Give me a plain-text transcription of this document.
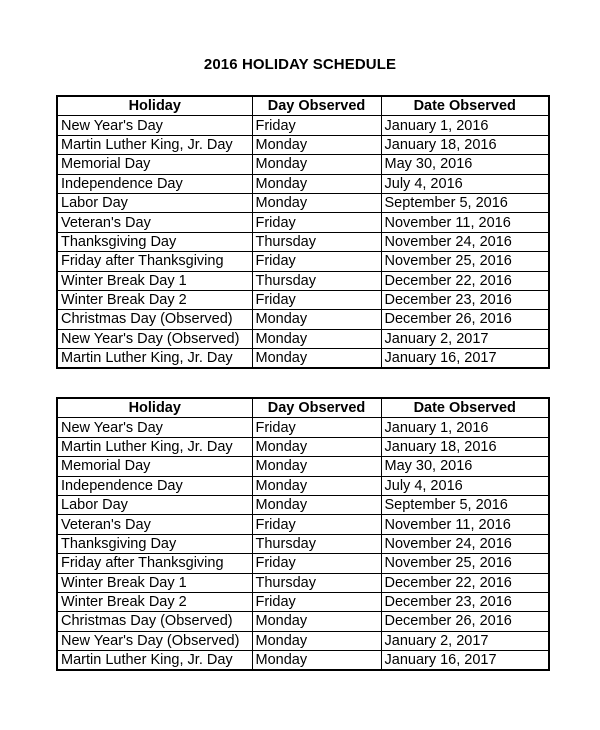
2016 HOLIDAY SCHEDULE
Holiday	Day Observed	Date Observed
New Year's Day	Friday	January 1, 2016
Martin Luther King, Jr. Day	Monday	January 18, 2016
Memorial Day	Monday	May 30, 2016
Independence Day	Monday	July 4, 2016
Labor Day	Monday	September 5, 2016
Veteran's Day	Friday	November 11, 2016
Thanksgiving Day	Thursday	November 24, 2016
Friday after Thanksgiving	Friday	November 25, 2016
Winter Break Day 1	Thursday	December 22, 2016
Winter Break Day 2	Friday	December 23, 2016
Christmas Day (Observed)	Monday	December 26, 2016
New Year's Day (Observed)	Monday	January 2, 2017
Martin Luther King, Jr. Day	Monday	January 16, 2017
Holiday	Day Observed	Date Observed
New Year's Day	Friday	January 1, 2016
Martin Luther King, Jr. Day	Monday	January 18, 2016
Memorial Day	Monday	May 30, 2016
Independence Day	Monday	July 4, 2016
Labor Day	Monday	September 5, 2016
Veteran's Day	Friday	November 11, 2016
Thanksgiving Day	Thursday	November 24, 2016
Friday after Thanksgiving	Friday	November 25, 2016
Winter Break Day 1	Thursday	December 22, 2016
Winter Break Day 2	Friday	December 23, 2016
Christmas Day (Observed)	Monday	December 26, 2016
New Year's Day (Observed)	Monday	January 2, 2017
Martin Luther King, Jr. Day	Monday	January 16, 2017
